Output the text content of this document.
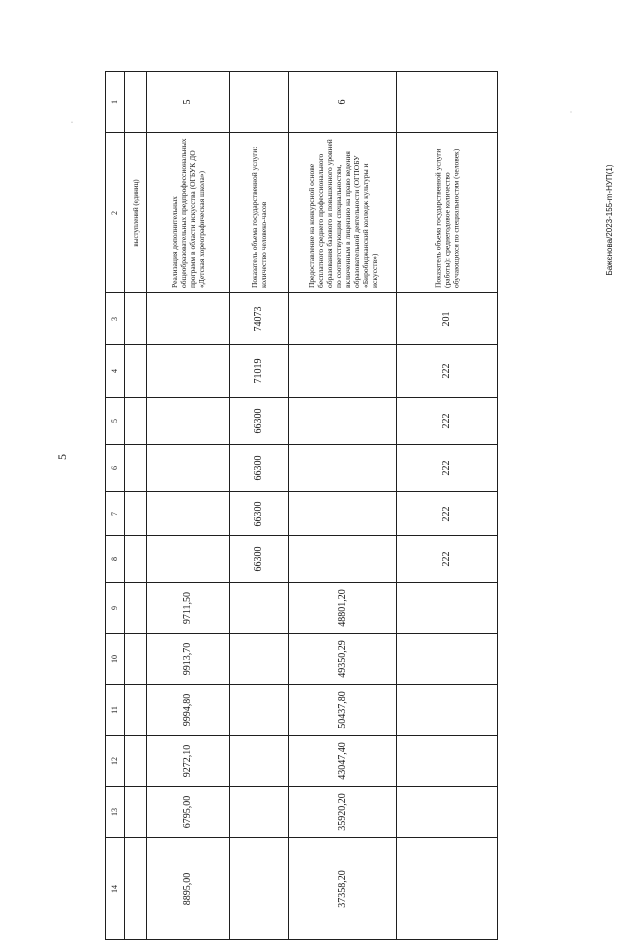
5
Бажєнова/2023-155-m-НУП(1)
·
ˈ
1		5		6	

2	выступлений (единиц)	Реализация дополнительных общеобразовательных предпрофессиональных программ в области искусства (ОГБУК ДО «Детская хореографическая школа»)	Показатель объема государственной услуги: количество человеко-часов	Предоставление на конкурсной основе бесплатного среднего профессионального образования базового и повышенного уровней по соответствующим специальностям, включенным в лицензию на право ведения образовательной деятельности (ОГПОБУ «Биробиджанский колледж культуры и искусств»)	Показатель объема государственной услуги (работы): среднегодовое количество обучающихся по специальностям (человек)

3			74073		201

4			71019		222

5			66300		222

6			66300		222

7			66300		222

8			66300		222

9		9711,50		48801,20	

10		9913,70		49350,29	

11		9994,80		50437,80	

12		9272,10		43047,40	

13		6795,00		35920,20	

14		8895,00		37358,20	
